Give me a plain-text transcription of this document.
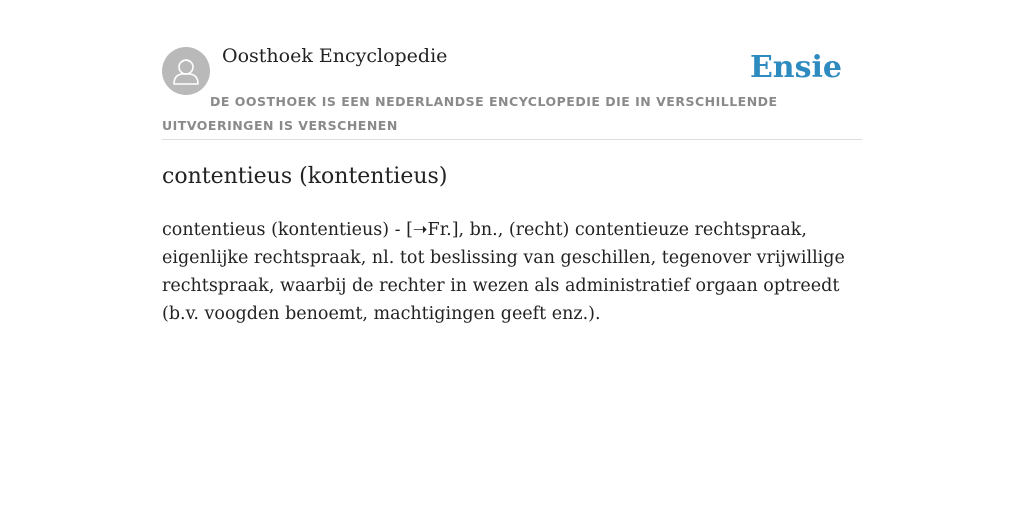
Oosthoek Encyclopedie	Ensie
DE OOSTHOEK IS EEN NEDERLANDSE ENCYCLOPEDIE DIE IN VERSCHILLENDE UITVOERINGEN IS VERSCHENEN
contentieus (kontentieus)

contentieus (kontentieus) - [➝Fr.], bn., (recht) contentieuze rechtspraak, eigenlijke rechtspraak, nl. tot beslissing van geschillen, tegenover vrijwillige rechtspraak, waarbij de rechter in wezen als administratief orgaan optreedt (b.v. voogden benoemt, machtigingen geeft enz.).
